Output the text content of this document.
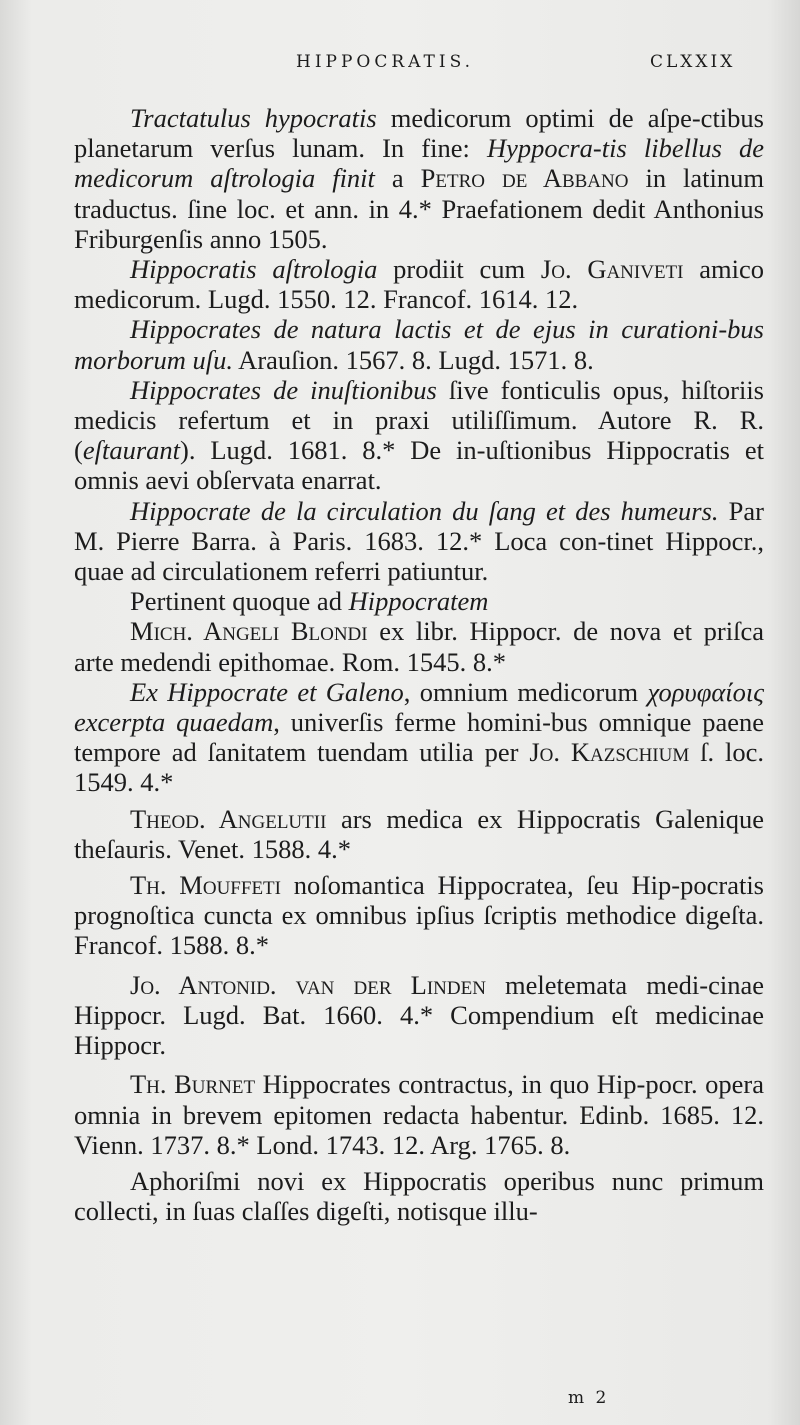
HIPPOCRATIS.	CLXXIX

Tractatulus hypocratis medicorum optimi de aſpe-ctibus planetarum verſus lunam. In fine: Hyppocra-tis libellus de medicorum aſtrologia finit a Petro de Abbano in latinum traductus. ſine loc. et ann. in 4.* Praefationem dedit Anthonius Friburgenſis anno 1505.

Hippocratis aſtrologia prodiit cum Jo. Ganiveti amico medicorum. Lugd. 1550. 12. Francof. 1614. 12.

Hippocrates de natura lactis et de ejus in curationi-bus morborum uſu. Arauſion. 1567. 8. Lugd. 1571. 8.

Hippocrates de inuſtionibus ſive fonticulis opus, hiſtoriis medicis refertum et in praxi utiliſſimum. Autore R. R. (eſtaurant). Lugd. 1681. 8.* De in-uſtionibus Hippocratis et omnis aevi obſervata enarrat.

Hippocrate de la circulation du ſang et des humeurs. Par M. Pierre Barra. à Paris. 1683. 12.* Loca con-tinet Hippocr., quae ad circulationem referri patiuntur.

Pertinent quoque ad Hippocratem

Mich. Angeli Blondi ex libr. Hippocr. de nova et priſca arte medendi epithomae. Rom. 1545. 8.*

Ex Hippocrate et Galeno, omnium medicorum χορυφαίοις excerpta quaedam, univerſis ferme homini-bus omnique paene tempore ad ſanitatem tuendam utilia per Jo. Kazschium ſ. loc. 1549. 4.*

Theod. Angelutii ars medica ex Hippocratis Galenique theſauris. Venet. 1588. 4.*

Th. Mouffeti noſomantica Hippocratea, ſeu Hip-pocratis prognoſtica cuncta ex omnibus ipſius ſcriptis methodice digeſta. Francof. 1588. 8.*

Jo. Antonid. van der Linden meletemata medi-cinae Hippocr. Lugd. Bat. 1660. 4.* Compendium eſt medicinae Hippocr.

Th. Burnet Hippocrates contractus, in quo Hip-pocr. opera omnia in brevem epitomen redacta habentur. Edinb. 1685. 12. Vienn. 1737. 8.* Lond. 1743. 12. Arg. 1765. 8.

Aphoriſmi novi ex Hippocratis operibus nunc primum collecti, in ſuas claſſes digeſti, notisque illu-

m 2
